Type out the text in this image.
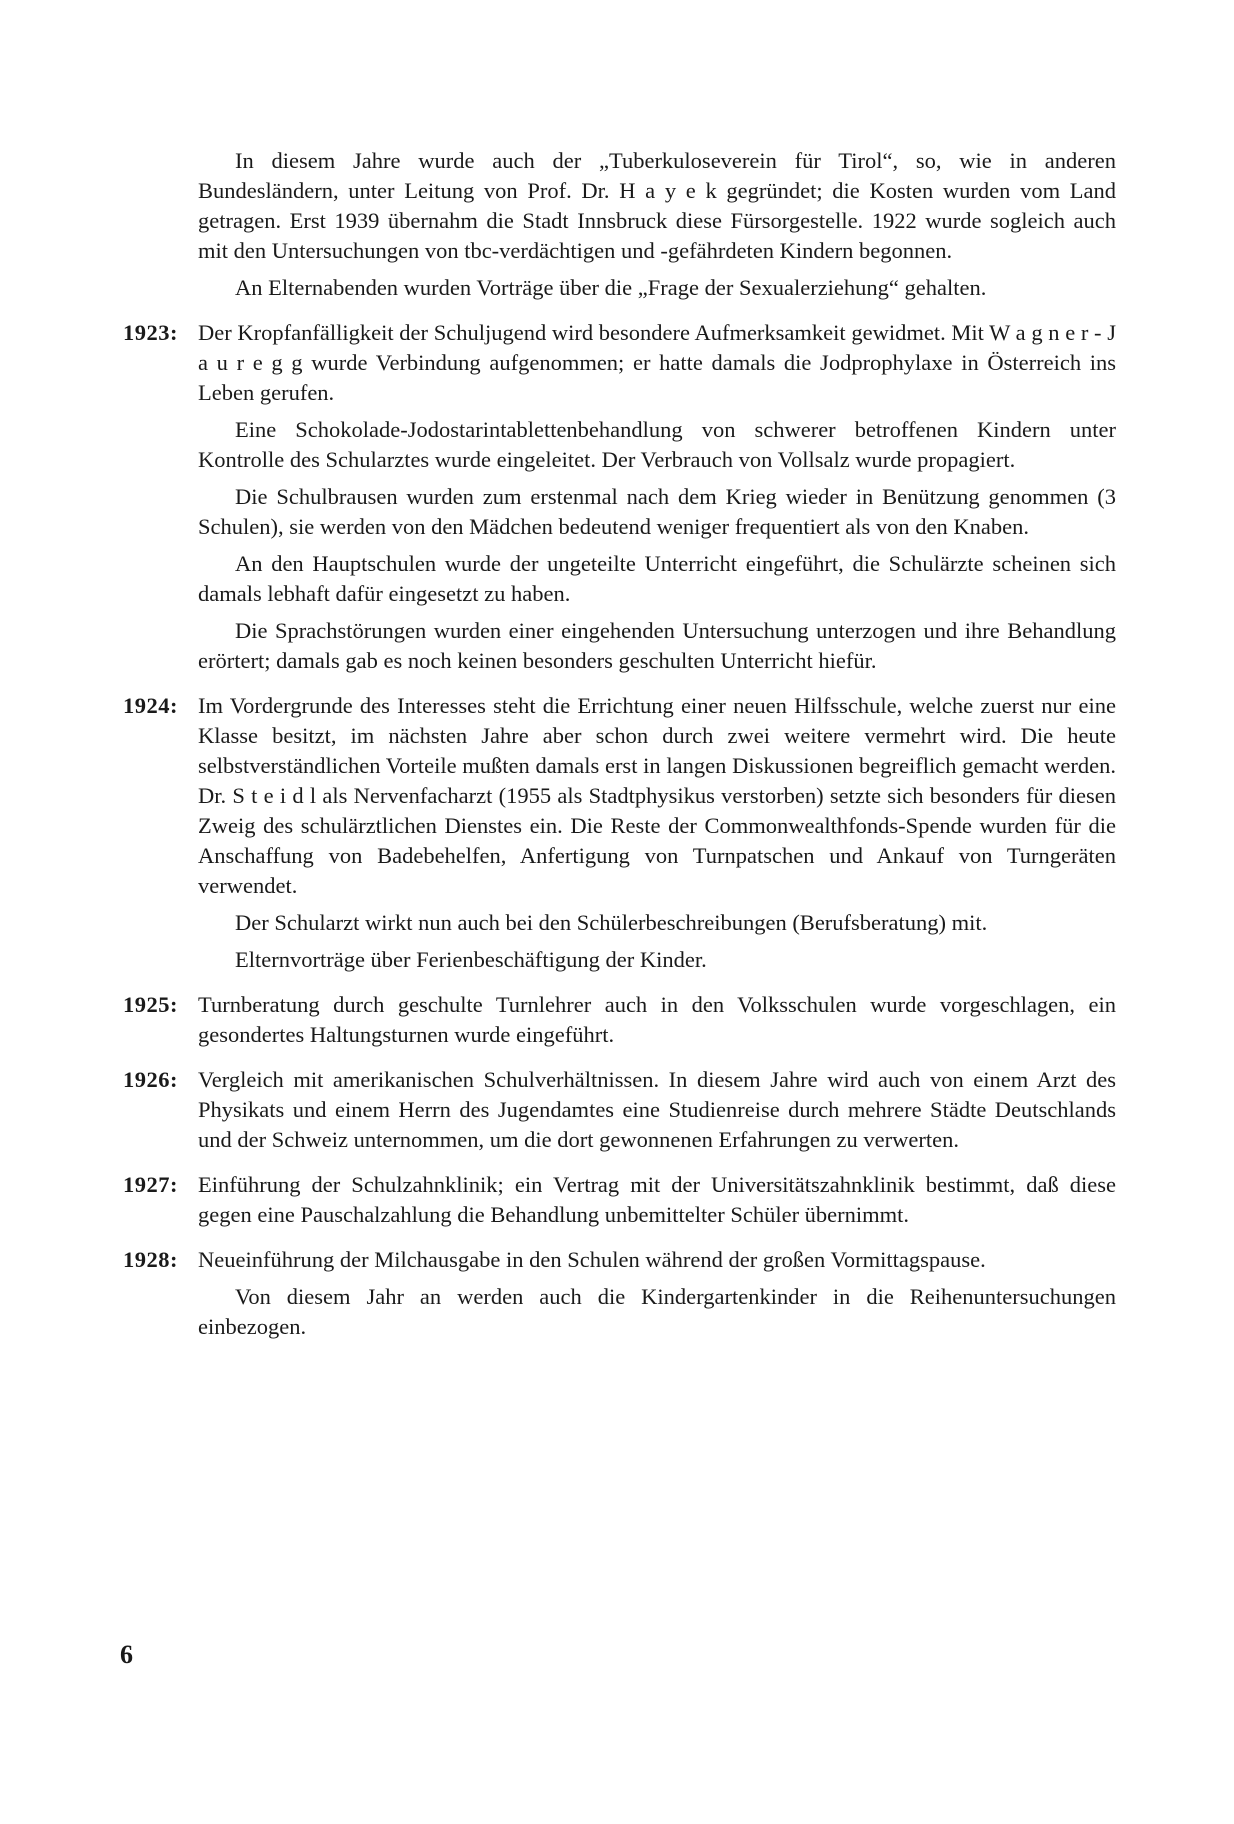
In diesem Jahre wurde auch der „Tuberkuloseverein für Tirol“, so, wie in anderen Bundesländern, unter Leitung von Prof. Dr. H a y e k gegründet; die Kosten wurden vom Land getragen. Erst 1939 übernahm die Stadt Innsbruck diese Fürsorgestelle. 1922 wurde sogleich auch mit den Untersuchungen von tbc-verdächtigen und -gefährdeten Kindern begonnen.

An Elternabenden wurden Vorträge über die „Frage der Sexualerziehung“ gehalten.

1923: Der Kropfanfälligkeit der Schuljugend wird besondere Aufmerksamkeit gewidmet. Mit W a g n e r - J a u r e g g wurde Verbindung aufgenommen; er hatte damals die Jodprophylaxe in Österreich ins Leben gerufen.

Eine Schokolade-Jodostarintablettenbehandlung von schwerer betroffenen Kindern unter Kontrolle des Schularztes wurde eingeleitet. Der Verbrauch von Vollsalz wurde propagiert.

Die Schulbrausen wurden zum erstenmal nach dem Krieg wieder in Benützung genommen (3 Schulen), sie werden von den Mädchen bedeutend weniger frequentiert als von den Knaben.

An den Hauptschulen wurde der ungeteilte Unterricht eingeführt, die Schulärzte scheinen sich damals lebhaft dafür eingesetzt zu haben.

Die Sprachstörungen wurden einer eingehenden Untersuchung unterzogen und ihre Behandlung erörtert; damals gab es noch keinen besonders geschulten Unterricht hiefür.

1924: Im Vordergrunde des Interesses steht die Errichtung einer neuen Hilfsschule, welche zuerst nur eine Klasse besitzt, im nächsten Jahre aber schon durch zwei weitere vermehrt wird. Die heute selbstverständlichen Vorteile mußten damals erst in langen Diskussionen begreiflich gemacht werden. Dr. S t e i d l als Nervenfacharzt (1955 als Stadtphysikus verstorben) setzte sich besonders für diesen Zweig des schulärztlichen Dienstes ein. Die Reste der Commonwealthfonds-Spende wurden für die Anschaffung von Badebehelfen, Anfertigung von Turnpatschen und Ankauf von Turngeräten verwendet.

Der Schularzt wirkt nun auch bei den Schülerbeschreibungen (Berufsberatung) mit.

Elternvorträge über Ferienbeschäftigung der Kinder.

1925: Turnberatung durch geschulte Turnlehrer auch in den Volksschulen wurde vorgeschlagen, ein gesondertes Haltungsturnen wurde eingeführt.

1926: Vergleich mit amerikanischen Schulverhältnissen. In diesem Jahre wird auch von einem Arzt des Physikats und einem Herrn des Jugendamtes eine Studienreise durch mehrere Städte Deutschlands und der Schweiz unternommen, um die dort gewonnenen Erfahrungen zu verwerten.

1927: Einführung der Schulzahnklinik; ein Vertrag mit der Universitätszahnklinik bestimmt, daß diese gegen eine Pauschalzahlung die Behandlung unbemittelter Schüler übernimmt.

1928: Neueinführung der Milchausgabe in den Schulen während der großen Vormittagspause.

Von diesem Jahr an werden auch die Kindergartenkinder in die Reihenuntersuchungen einbezogen.

6
